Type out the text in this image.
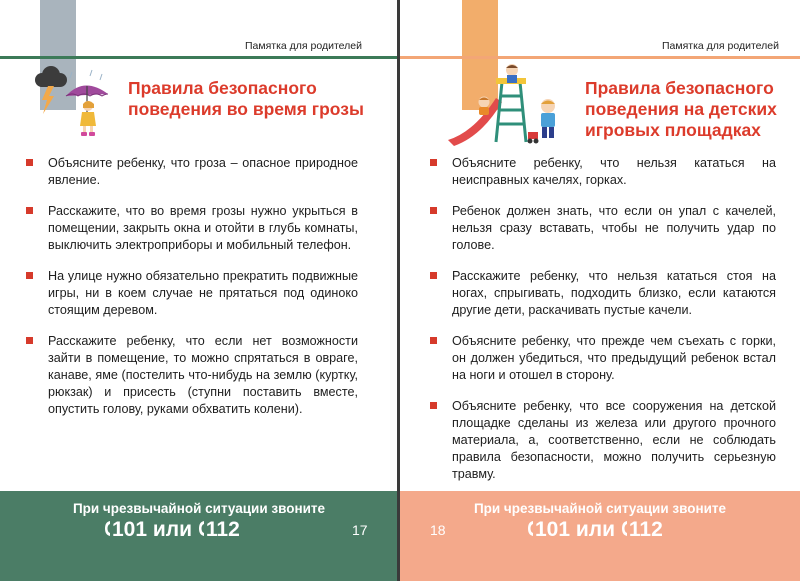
Памятка для родителей
Правила безопасного поведения во время грозы
Объясните ребенку, что гроза – опасное природное явление.
Расскажите, что во время грозы нужно укрыться в помещении, закрыть окна и отойти в глубь комнаты, выключить электроприборы и мобильный телефон.
На улице нужно обязательно прекратить подвижные игры, ни в коем случае не прятаться под одиноко стоящим деревом.
Расскажите ребенку, что если нет возможности зайти в помещение, то можно спрятаться в овраге, канаве, яме (постелить что-нибудь на землю (куртку, рюкзак) и присесть (ступни поставить вместе, опустить голову, руками обхватить колени).
При чрезвычайной ситуации звоните
101 или 112	17
Памятка для родителей
Правила безопасного поведения на детских игровых площадках
Объясните ребенку, что нельзя кататься на неисправных качелях, горках.
Ребенок должен знать, что если он упал с качелей, нельзя сразу вставать, чтобы не получить удар по голове.
Расскажите ребенку, что нельзя кататься стоя на ногах, спрыгивать, подходить близко, если катаются другие дети, раскачивать пустые качели.
Объясните ребенку, что прежде чем съехать с горки, он должен убедиться, что предыдущий ребенок встал на ноги и отошел в сторону.
Объясните ребенку, что все сооружения на детской площадке сделаны из железа или другого прочного материала, а, соответственно, если не соблюдать правила безопасности, можно получить серьезную травму.
При чрезвычайной ситуации звоните
101 или 112
18
